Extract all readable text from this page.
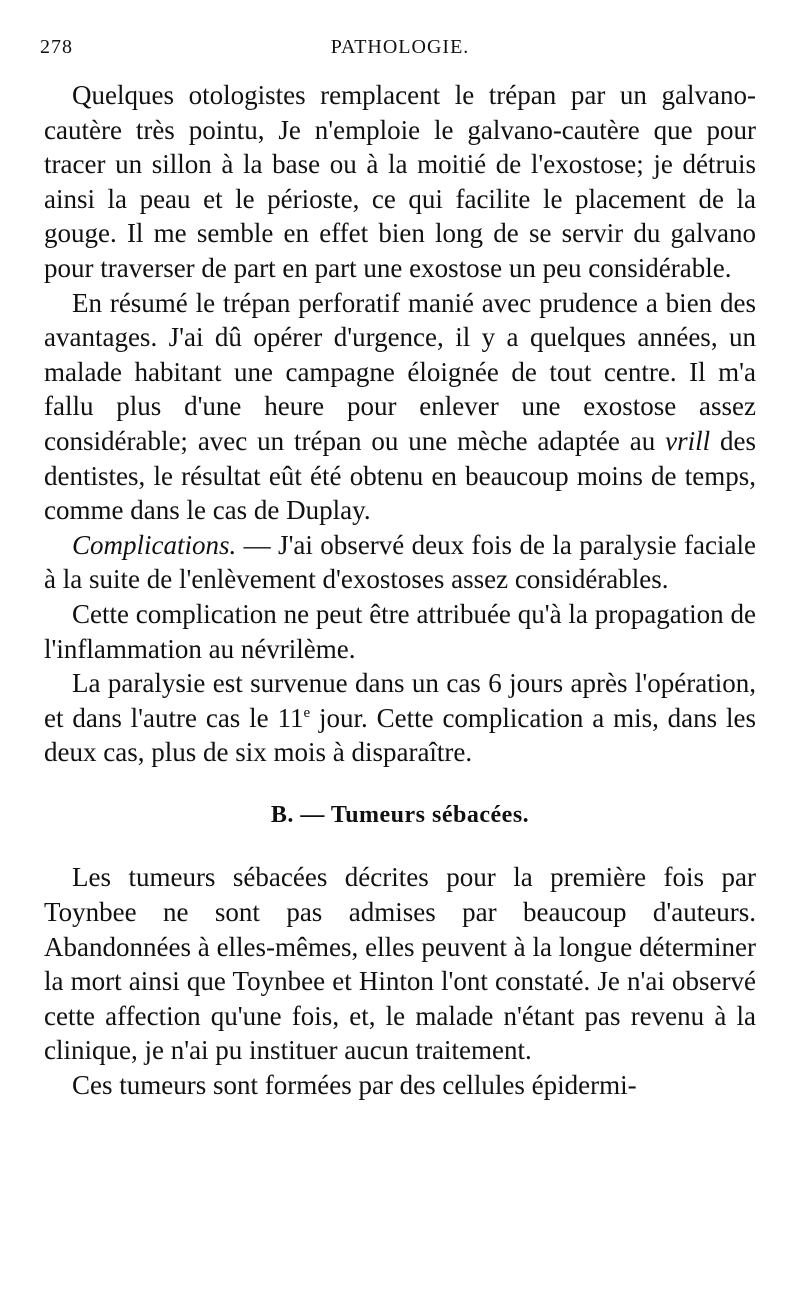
278	PATHOLOGIE.

Quelques otologistes remplacent le trépan par un galvano-cautère très pointu, Je n'emploie le galvano-cautère que pour tracer un sillon à la base ou à la moitié de l'exostose; je détruis ainsi la peau et le périoste, ce qui facilite le placement de la gouge. Il me semble en effet bien long de se servir du galvano pour traverser de part en part une exostose un peu considérable.

En résumé le trépan perforatif manié avec prudence a bien des avantages. J'ai dû opérer d'urgence, il y a quelques années, un malade habitant une campagne éloignée de tout centre. Il m'a fallu plus d'une heure pour enlever une exostose assez considérable; avec un trépan ou une mèche adaptée au vrill des dentistes, le résultat eût été obtenu en beaucoup moins de temps, comme dans le cas de Duplay.

Complications. — J'ai observé deux fois de la paralysie faciale à la suite de l'enlèvement d'exostoses assez considérables.

Cette complication ne peut être attribuée qu'à la propagation de l'inflammation au névrilème.

La paralysie est survenue dans un cas 6 jours après l'opération, et dans l'autre cas le 11e jour. Cette complication a mis, dans les deux cas, plus de six mois à disparaître.

B. — Tumeurs sébacées.

Les tumeurs sébacées décrites pour la première fois par Toynbee ne sont pas admises par beaucoup d'auteurs. Abandonnées à elles-mêmes, elles peuvent à la longue déterminer la mort ainsi que Toynbee et Hinton l'ont constaté. Je n'ai observé cette affection qu'une fois, et, le malade n'étant pas revenu à la clinique, je n'ai pu instituer aucun traitement.

Ces tumeurs sont formées par des cellules épidermi-
